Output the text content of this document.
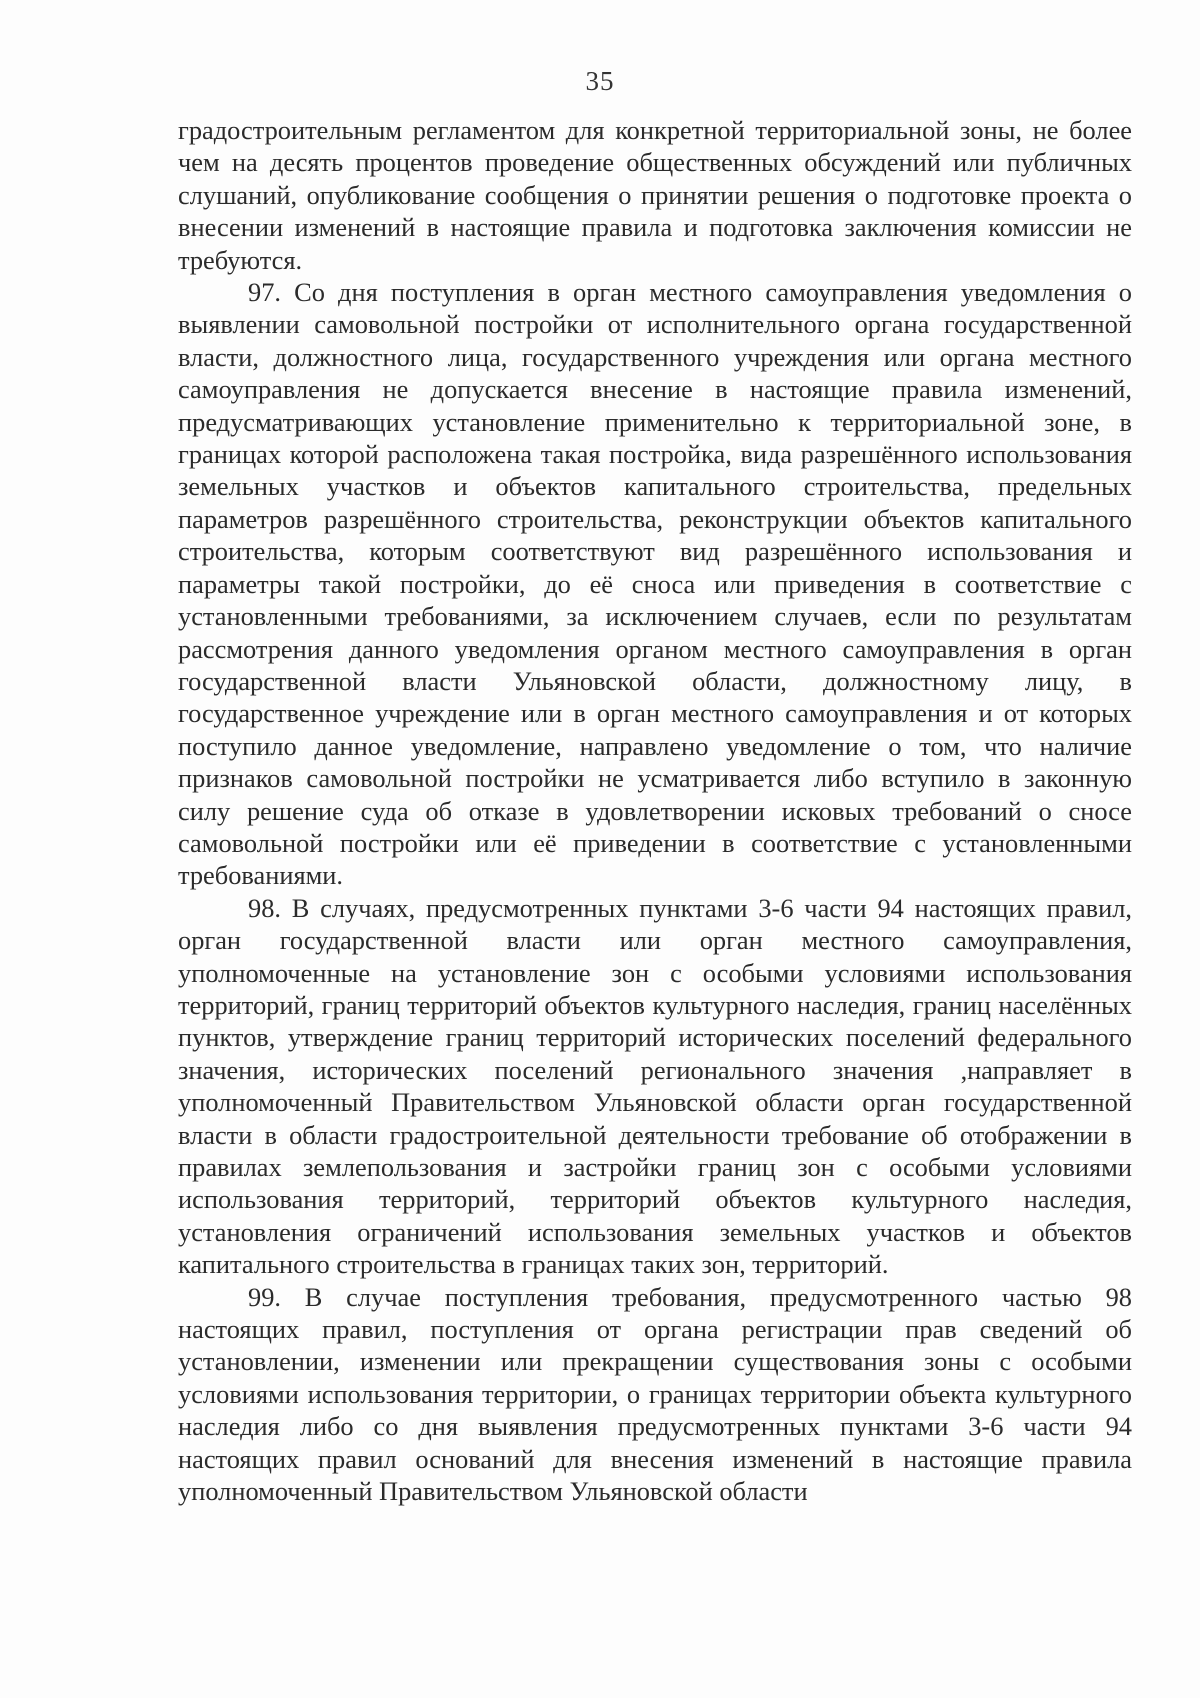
35

градостроительным регламентом для конкретной территориальной зоны, не более чем на десять процентов проведение общественных обсуждений или публичных слушаний, опубликование сообщения о принятии решения о подготовке проекта о внесении изменений в настоящие правила и подготовка заключения комиссии не требуются.

97. Со дня поступления в орган местного самоуправления уведомления о выявлении самовольной постройки от исполнительного органа государственной власти, должностного лица, государственного учреждения или органа местного самоуправления не допускается внесение в настоящие правила изменений, предусматривающих установление применительно к территориальной зоне, в границах которой расположена такая постройка, вида разрешённого использования земельных участков и объектов капитального строительства, предельных параметров разрешённого строительства, реконструкции объектов капитального строительства, которым соответствуют вид разрешённого использования и параметры такой постройки, до её сноса или приведения в соответствие с установленными требованиями, за исключением случаев, если по результатам рассмотрения данного уведомления органом местного самоуправления в орган государственной власти Ульяновской области, должностному лицу, в государственное учреждение или в орган местного самоуправления и от которых поступило данное уведомление, направлено уведомление о том, что наличие признаков самовольной постройки не усматривается либо вступило в законную силу решение суда об отказе в удовлетворении исковых требований о сносе самовольной постройки или её приведении в соответствие с установленными требованиями.

98. В случаях, предусмотренных пунктами 3-6 части 94 настоящих правил, орган государственной власти или орган местного самоуправления, уполномоченные на установление зон с особыми условиями использования территорий, границ территорий объектов культурного наследия, границ населённых пунктов, утверждение границ территорий исторических поселений федерального значения, исторических поселений регионального значения ,направляет в уполномоченный Правительством Ульяновской области орган государственной власти в области градостроительной деятельности требование об отображении в правилах землепользования и застройки границ зон с особыми условиями использования территорий, территорий объектов культурного наследия, установления ограничений использования земельных участков и объектов капитального строительства в границах таких зон, территорий.

99. В случае поступления требования, предусмотренного частью 98 настоящих правил, поступления от органа регистрации прав сведений об установлении, изменении или прекращении существования зоны с особыми условиями использования территории, о границах территории объекта культурного наследия либо со дня выявления предусмотренных пунктами 3-6 части 94 настоящих правил оснований для внесения изменений в настоящие правила уполномоченный Правительством Ульяновской области
